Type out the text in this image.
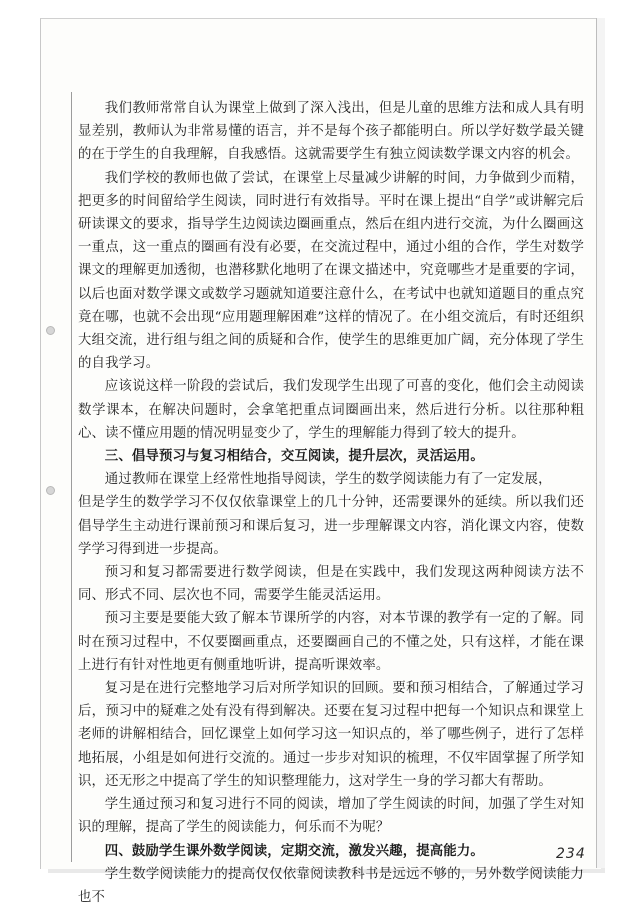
我们教师常常自认为课堂上做到了深入浅出，但是儿童的思维方法和成人具有明显差别，教师认为非常易懂的语言，并不是每个孩子都能明白。所以学好数学最关键的在于学生的自我理解，自我感悟。这就需要学生有独立阅读数学课文内容的机会。

我们学校的教师也做了尝试，在课堂上尽量减少讲解的时间，力争做到少而精，把更多的时间留给学生阅读，同时进行有效指导。平时在课上提出“自学”或讲解完后研读课文的要求，指导学生边阅读边圈画重点，然后在组内进行交流，为什么圈画这一重点，这一重点的圈画有没有必要，在交流过程中，通过小组的合作，学生对数学课文的理解更加透彻，也潜移默化地明了在课文描述中，究竟哪些才是重要的字词，以后也面对数学课文或数学习题就知道要注意什么，在考试中也就知道题目的重点究竟在哪，也就不会出现“应用题理解困难”这样的情况了。在小组交流后，有时还组织大组交流，进行组与组之间的质疑和合作，使学生的思维更加广阔，充分体现了学生的自我学习。

应该说这样一阶段的尝试后，我们发现学生出现了可喜的变化，他们会主动阅读数学课本，在解决问题时，会拿笔把重点词圈画出来，然后进行分析。以往那种粗心、读不懂应用题的情况明显变少了，学生的理解能力得到了较大的提升。

三、倡导预习与复习相结合，交互阅读，提升层次，灵活运用。

通过教师在课堂上经常性地指导阅读，学生的数学阅读能力有了一定发展，

但是学生的数学学习不仅仅依靠课堂上的几十分钟，还需要课外的延续。所以我们还倡导学生主动进行课前预习和课后复习，进一步理解课文内容，消化课文内容，使数学学习得到进一步提高。

预习和复习都需要进行数学阅读，但是在实践中，我们发现这两种阅读方法不同、形式不同、层次也不同，需要学生能灵活运用。

预习主要是要能大致了解本节课所学的内容，对本节课的教学有一定的了解。同时在预习过程中，不仅要圈画重点，还要圈画自己的不懂之处，只有这样，才能在课上进行有针对性地更有侧重地听讲，提高听课效率。

复习是在进行完整地学习后对所学知识的回顾。要和预习相结合，了解通过学习后，预习中的疑难之处有没有得到解决。还要在复习过程中把每一个知识点和课堂上老师的讲解相结合，回忆课堂上如何学习这一知识点的，举了哪些例子，进行了怎样地拓展，小组是如何进行交流的。通过一步步对知识的梳理，不仅牢固掌握了所学知识，还无形之中提高了学生的知识整理能力，这对学生一身的学习都大有帮助。

学生通过预习和复习进行不同的阅读，增加了学生阅读的时间，加强了学生对知识的理解，提高了学生的阅读能力，何乐而不为呢？

四、鼓励学生课外数学阅读，定期交流，激发兴趣，提高能力。

学生数学阅读能力的提高仅仅依靠阅读教科书是远远不够的，另外数学阅读能力也不

234
